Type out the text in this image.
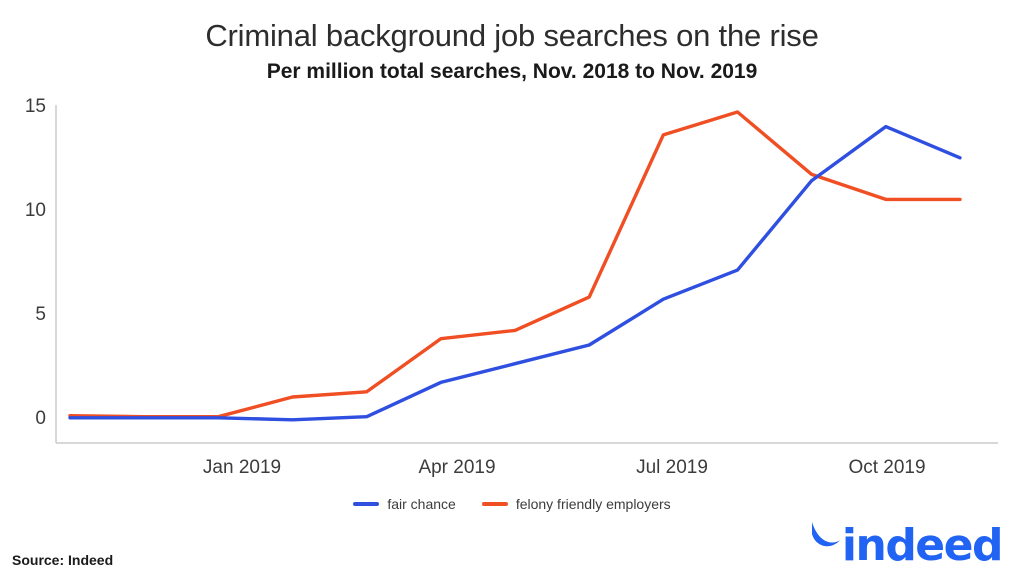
Criminal background job searches on the rise
Per million total searches, Nov. 2018 to Nov. 2019
15
10
5
0
Jan 2019	Apr 2019	Jul 2019	Oct 2019
fair chance	felony friendly employers
Source: Indeed	indeed
